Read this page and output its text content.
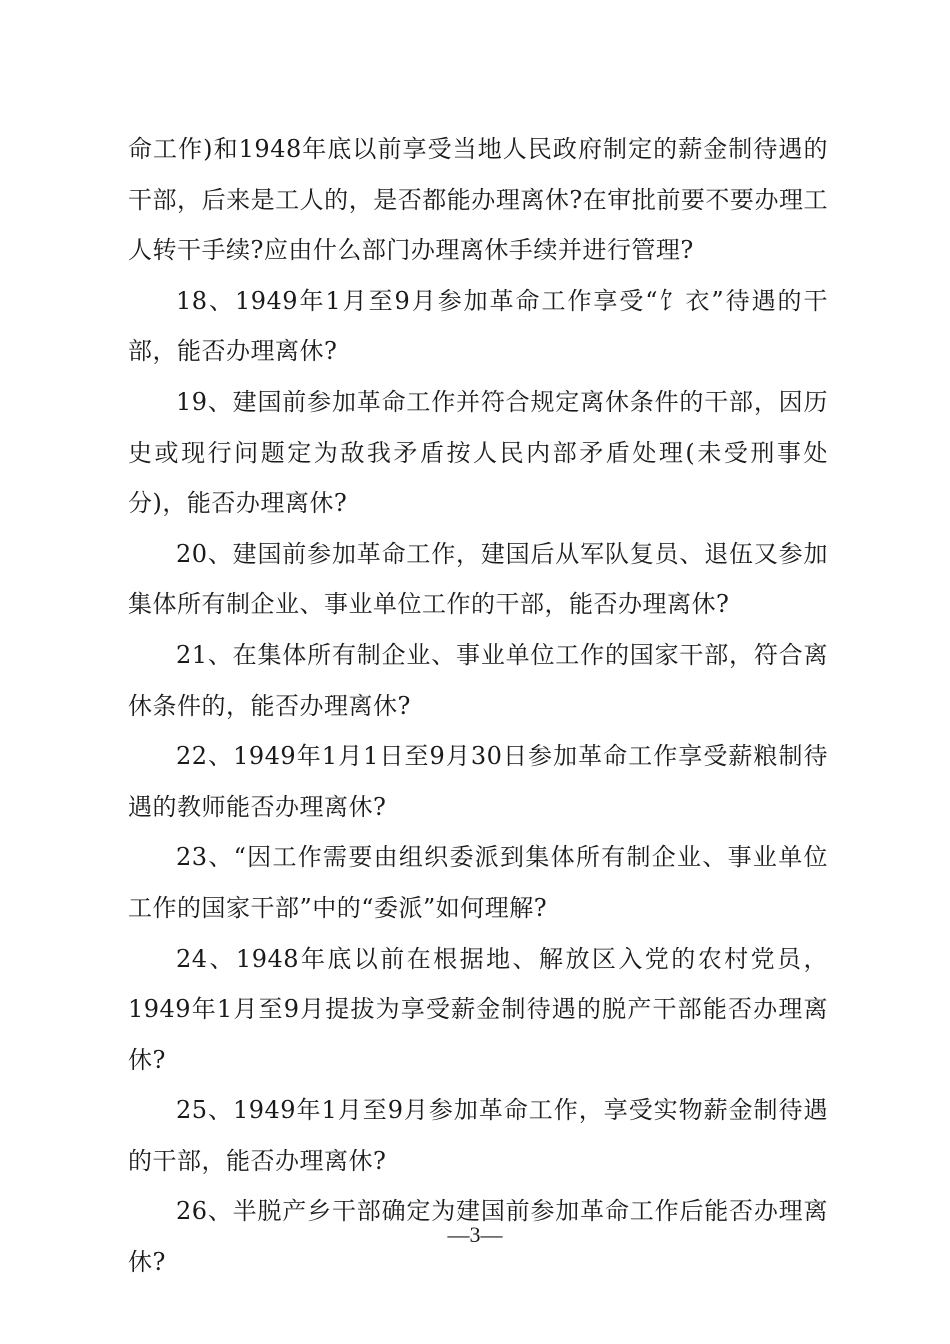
命工作)和1948年底以前享受当地人民政府制定的薪金制待遇的干部，后来是工人的，是否都能办理离休?在审批前要不要办理工人转干手续?应由什么部门办理离休手续并进行管理?

18、1949年1月至9月参加革命工作享受“饣衣”待遇的干部，能否办理离休?

19、建国前参加革命工作并符合规定离休条件的干部，因历史或现行问题定为敌我矛盾按人民内部矛盾处理(未受刑事处分)，能否办理离休?

20、建国前参加革命工作，建国后从军队复员、退伍又参加集体所有制企业、事业单位工作的干部，能否办理离休?

21、在集体所有制企业、事业单位工作的国家干部，符合离休条件的，能否办理离休?

22、1949年1月1日至9月30日参加革命工作享受薪粮制待遇的教师能否办理离休?

23、“因工作需要由组织委派到集体所有制企业、事业单位工作的国家干部”中的“委派”如何理解?

24、1948年底以前在根据地、解放区入党的农村党员，1949年1月至9月提拔为享受薪金制待遇的脱产干部能否办理离休?

25、1949年1月至9月参加革命工作，享受实物薪金制待遇的干部，能否办理离休?

26、半脱产乡干部确定为建国前参加革命工作后能否办理离休?

—3—
